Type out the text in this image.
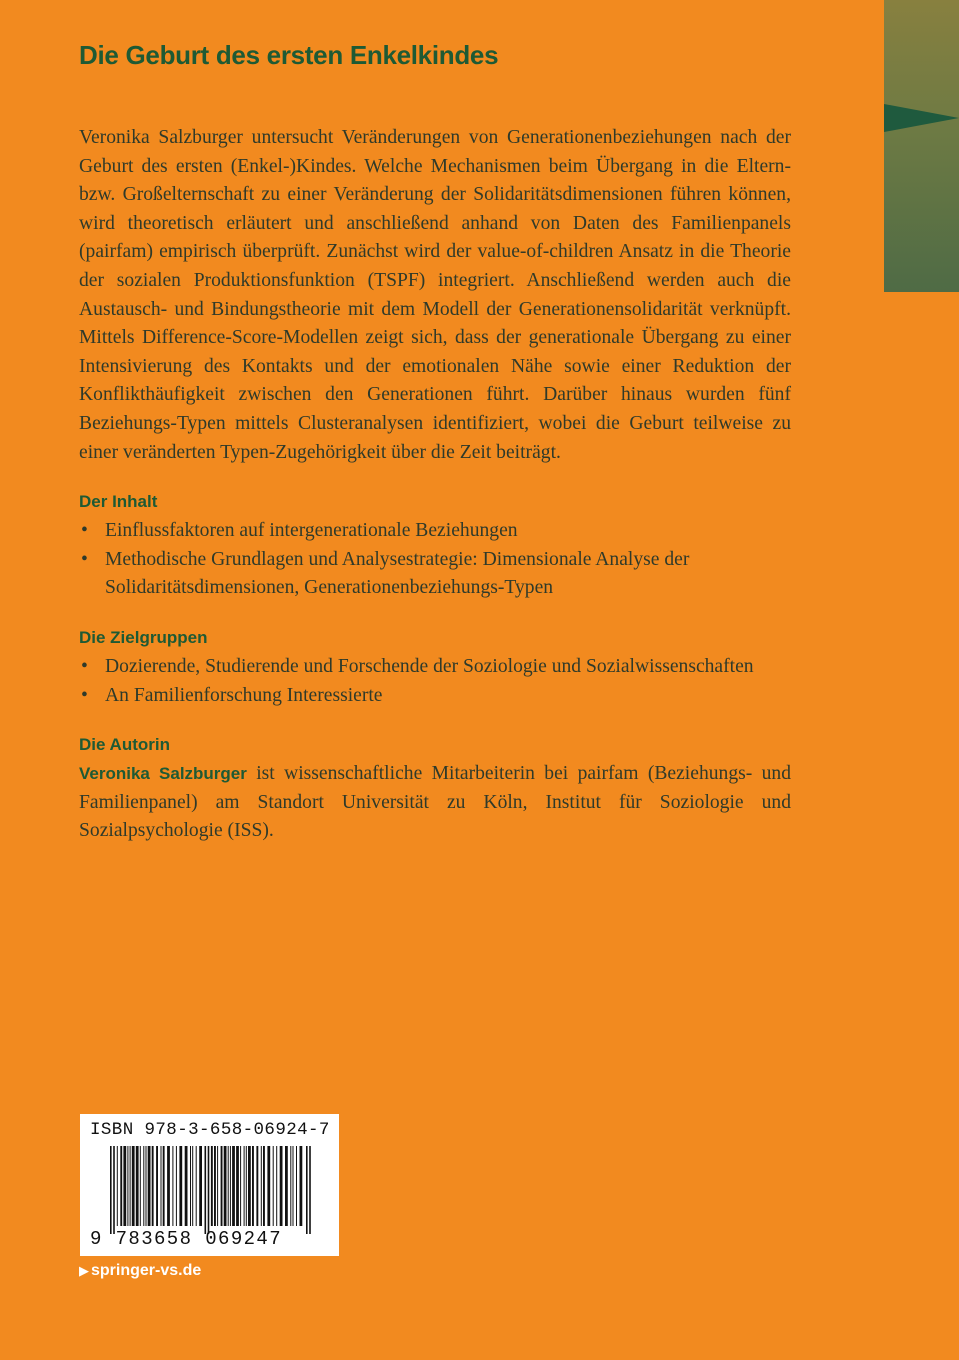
Die Geburt des ersten Enkelkindes

Veronika Salzburger untersucht Veränderungen von Generationenbeziehungen nach der Geburt des ersten (Enkel-)Kindes. Welche Mechanismen beim Übergang in die Eltern- bzw. Großelternschaft zu einer Veränderung der Solidaritätsdimensionen führen können, wird theoretisch erläutert und anschließend anhand von Daten des Familienpanels (pairfam) empirisch überprüft. Zunächst wird der value-of-children Ansatz in die Theorie der sozialen Produktionsfunktion (TSPF) integriert. Anschließend werden auch die Austausch- und Bindungstheorie mit dem Modell der Generationensolidarität verknüpft. Mittels Difference-Score-Modellen zeigt sich, dass der generationale Übergang zu einer Intensivierung des Kontakts und der emotionalen Nähe sowie einer Reduktion der Konflikthäufigkeit zwischen den Generationen führt. Darüber hinaus wurden fünf Beziehungs-Typen mittels Clusteranalysen identifiziert, wobei die Geburt teilweise zu einer veränderten Typen-Zugehörigkeit über die Zeit beiträgt.

Der Inhalt
• Einflussfaktoren auf intergenerationale Beziehungen
• Methodische Grundlagen und Analysestrategie: Dimensionale Analyse der Solidaritätsdimensionen, Generationenbeziehungs-Typen
Die Zielgruppen
• Dozierende, Studierende und Forschende der Soziologie und Sozialwissenschaften
• An Familienforschung Interessierte
Die Autorin

Veronika Salzburger ist wissenschaftliche Mitarbeiterin bei pairfam (Beziehungs- und Familienpanel) am Standort Universität zu Köln, Institut für Soziologie und Sozialpsychologie (ISS).

ISBN 978-3-658-06924-7
9 783658 069247
▶ springer-vs.de
